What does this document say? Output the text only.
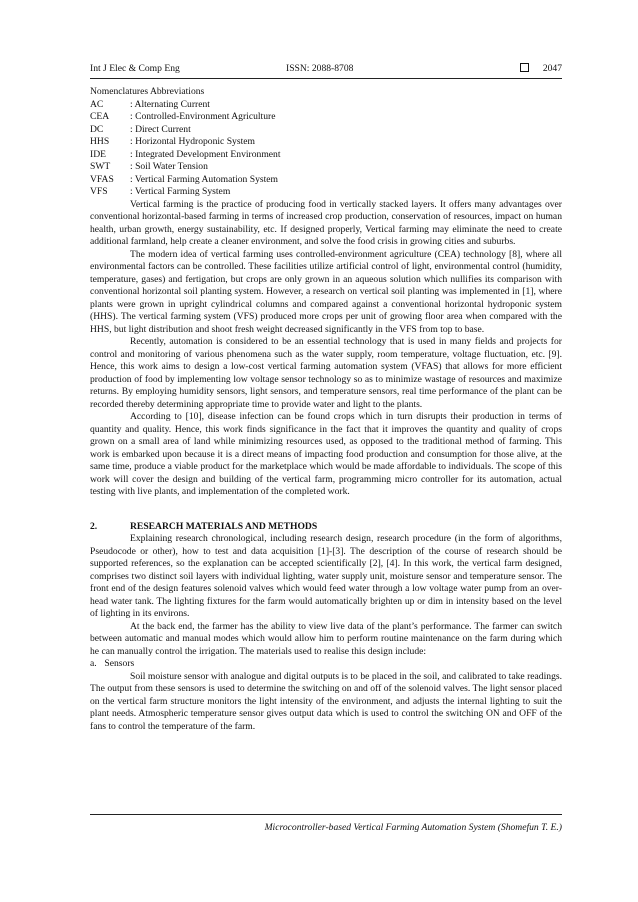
Int J Elec & Comp Eng	ISSN: 2088-8708	2047
Nomenclatures Abbreviations
AC	: Alternating Current
CEA	: Controlled-Environment Agriculture
DC	: Direct Current
HHS	: Horizontal Hydroponic System
IDE	: Integrated Development Environment
SWT	: Soil Water Tension
VFAS	: Vertical Farming Automation System
VFS	: Vertical Farming System

Vertical farming is the practice of producing food in vertically stacked layers. It offers many advantages over conventional horizontal-based farming in terms of increased crop production, conservation of resources, impact on human health, urban growth, energy sustainability, etc. If designed properly, Vertical farming may eliminate the need to create additional farmland, help create a cleaner environment, and solve the food crisis in growing cities and suburbs.

The modern idea of vertical farming uses controlled-environment agriculture (CEA) technology [8], where all environmental factors can be controlled. These facilities utilize artificial control of light, environmental control (humidity, temperature, gases) and fertigation, but crops are only grown in an aqueous solution which nullifies its comparison with conventional horizontal soil planting system. However, a research on vertical soil planting was implemented in [1], where plants were grown in upright cylindrical columns and compared against a conventional horizontal hydroponic system (HHS). The vertical farming system (VFS) produced more crops per unit of growing floor area when compared with the HHS, but light distribution and shoot fresh weight decreased significantly in the VFS from top to base.

Recently, automation is considered to be an essential technology that is used in many fields and projects for control and monitoring of various phenomena such as the water supply, room temperature, voltage fluctuation, etc. [9]. Hence, this work aims to design a low-cost vertical farming automation system (VFAS) that allows for more efficient production of food by implementing low voltage sensor technology so as to minimize wastage of resources and maximize returns. By employing humidity sensors, light sensors, and temperature sensors, real time performance of the plant can be recorded thereby determining appropriate time to provide water and light to the plants.

According to [10], disease infection can be found crops which in turn disrupts their production in terms of quantity and quality. Hence, this work finds significance in the fact that it improves the quantity and quality of crops grown on a small area of land while minimizing resources used, as opposed to the traditional method of farming. This work is embarked upon because it is a direct means of impacting food production and consumption for those alive, at the same time, produce a viable product for the marketplace which would be made affordable to individuals. The scope of this work will cover the design and building of the vertical farm, programming micro controller for its automation, actual testing with live plants, and implementation of the completed work.

2.	RESEARCH MATERIALS AND METHODS

Explaining research chronological, including research design, research procedure (in the form of algorithms, Pseudocode or other), how to test and data acquisition [1]-[3]. The description of the course of research should be supported references, so the explanation can be accepted scientifically [2], [4]. In this work, the vertical farm designed, comprises two distinct soil layers with individual lighting, water supply unit, moisture sensor and temperature sensor. The front end of the design features solenoid valves which would feed water through a low voltage water pump from an over-head water tank. The lighting fixtures for the farm would automatically brighten up or dim in intensity based on the level of lighting in its environs.

At the back end, the farmer has the ability to view live data of the plant’s performance. The farmer can switch between automatic and manual modes which would allow him to perform routine maintenance on the farm during which he can manually control the irrigation. The materials used to realise this design include:

a. Sensors

Soil moisture sensor with analogue and digital outputs is to be placed in the soil, and calibrated to take readings. The output from these sensors is used to determine the switching on and off of the solenoid valves. The light sensor placed on the vertical farm structure monitors the light intensity of the environment, and adjusts the internal lighting to suit the plant needs. Atmospheric temperature sensor gives output data which is used to control the switching ON and OFF of the fans to control the temperature of the farm.

Microcontroller-based Vertical Farming Automation System (Shomefun T. E.)
